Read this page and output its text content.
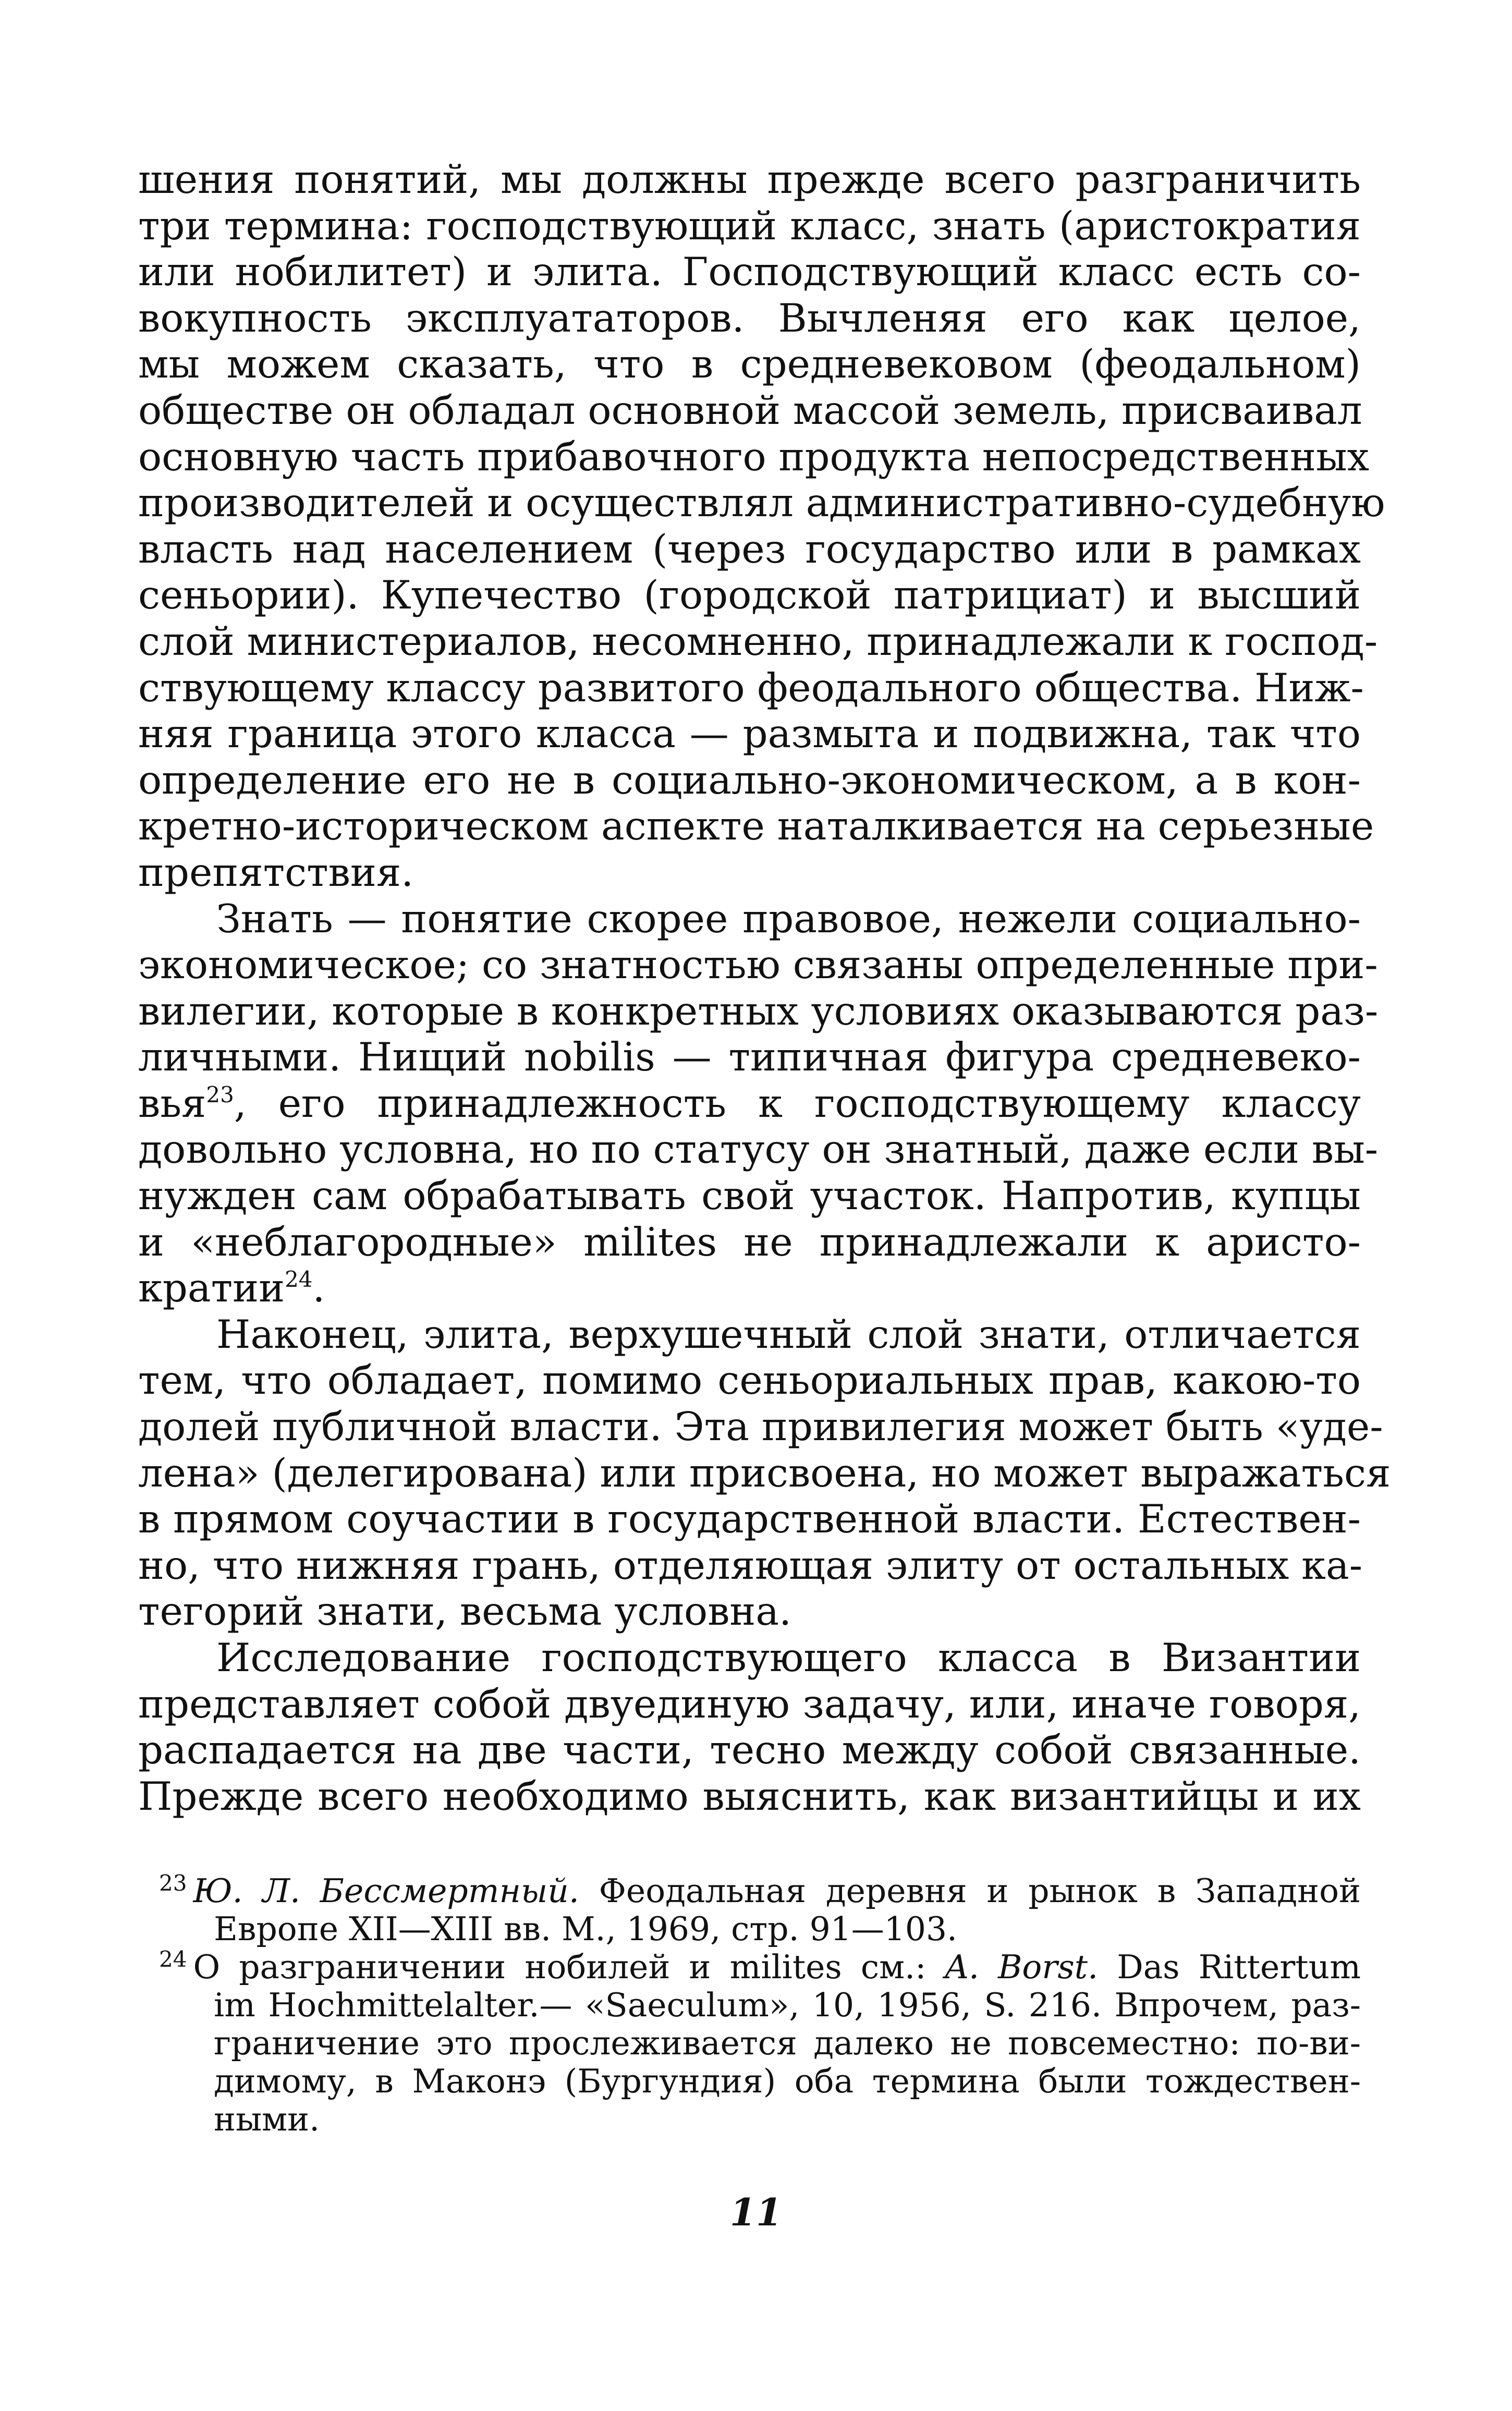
шения понятий, мы должны прежде всего разграничить
три термина: господствующий класс, знать (аристократия
или нобилитет) и элита. Господствующий класс есть со-
вокупность эксплуататоров. Вычленяя его как целое,
мы можем сказать, что в средневековом (феодальном)
обществе он обладал основной массой земель, присваивал
основную часть прибавочного продукта непосредственных
производителей и осуществлял административно-судебную
власть над населением (через государство или в рамках
сеньории). Купечество (городской патрициат) и высший
слой министериалов, несомненно, принадлежали к господ-
ствующему классу развитого феодального общества. Ниж-
няя граница этого класса — размыта и подвижна, так что
определение его не в социально-экономическом, а в кон-
кретно-историческом аспекте наталкивается на серьезные
препятствия.
Знать — понятие скорее правовое, нежели социально-
экономическое; со знатностью связаны определенные при-
вилегии, которые в конкретных условиях оказываются раз-
личными. Нищий nobilis — типичная фигура средневеко-
вья$^{23}$, его принадлежность к господствующему классу
довольно условна, но по статусу он знатный, даже если вы-
нужден сам обрабатывать свой участок. Напротив, купцы
и «неблагородные» milites не принадлежали к аристо-
кратии$^{24}$.
Наконец, элита, верхушечный слой знати, отличается
тем, что обладает, помимо сеньориальных прав, какою-то
долей публичной власти. Эта привилегия может быть «уде-
лена» (делегирована) или присвоена, но может выражаться
в прямом соучастии в государственной власти. Естествен-
но, что нижняя грань, отделяющая элиту от остальных ка-
тегорий знати, весьма условна.
Исследование господствующего класса в Византии
представляет собой двуединую задачу, или, иначе говоря,
распадается на две части, тесно между собой связанные.
Прежде всего необходимо выяснить, как византийцы и их
$^{23}$ Ю. Л. Бессмертный. Феодальная деревня и рынок в Западной
Европе XII—XIII вв. М., 1969, стр. 91—103.
$^{24}$ О разграничении нобилей и milites см.: A. Borst. Das Rittertum
im Hochmittelalter.— «Saeculum», 10, 1956, S. 216. Впрочем, раз-
граничение это прослеживается далеко не повсеместно: по-ви-
димому, в Маконэ (Бургундия) оба термина были тождествен-
ными.
11
